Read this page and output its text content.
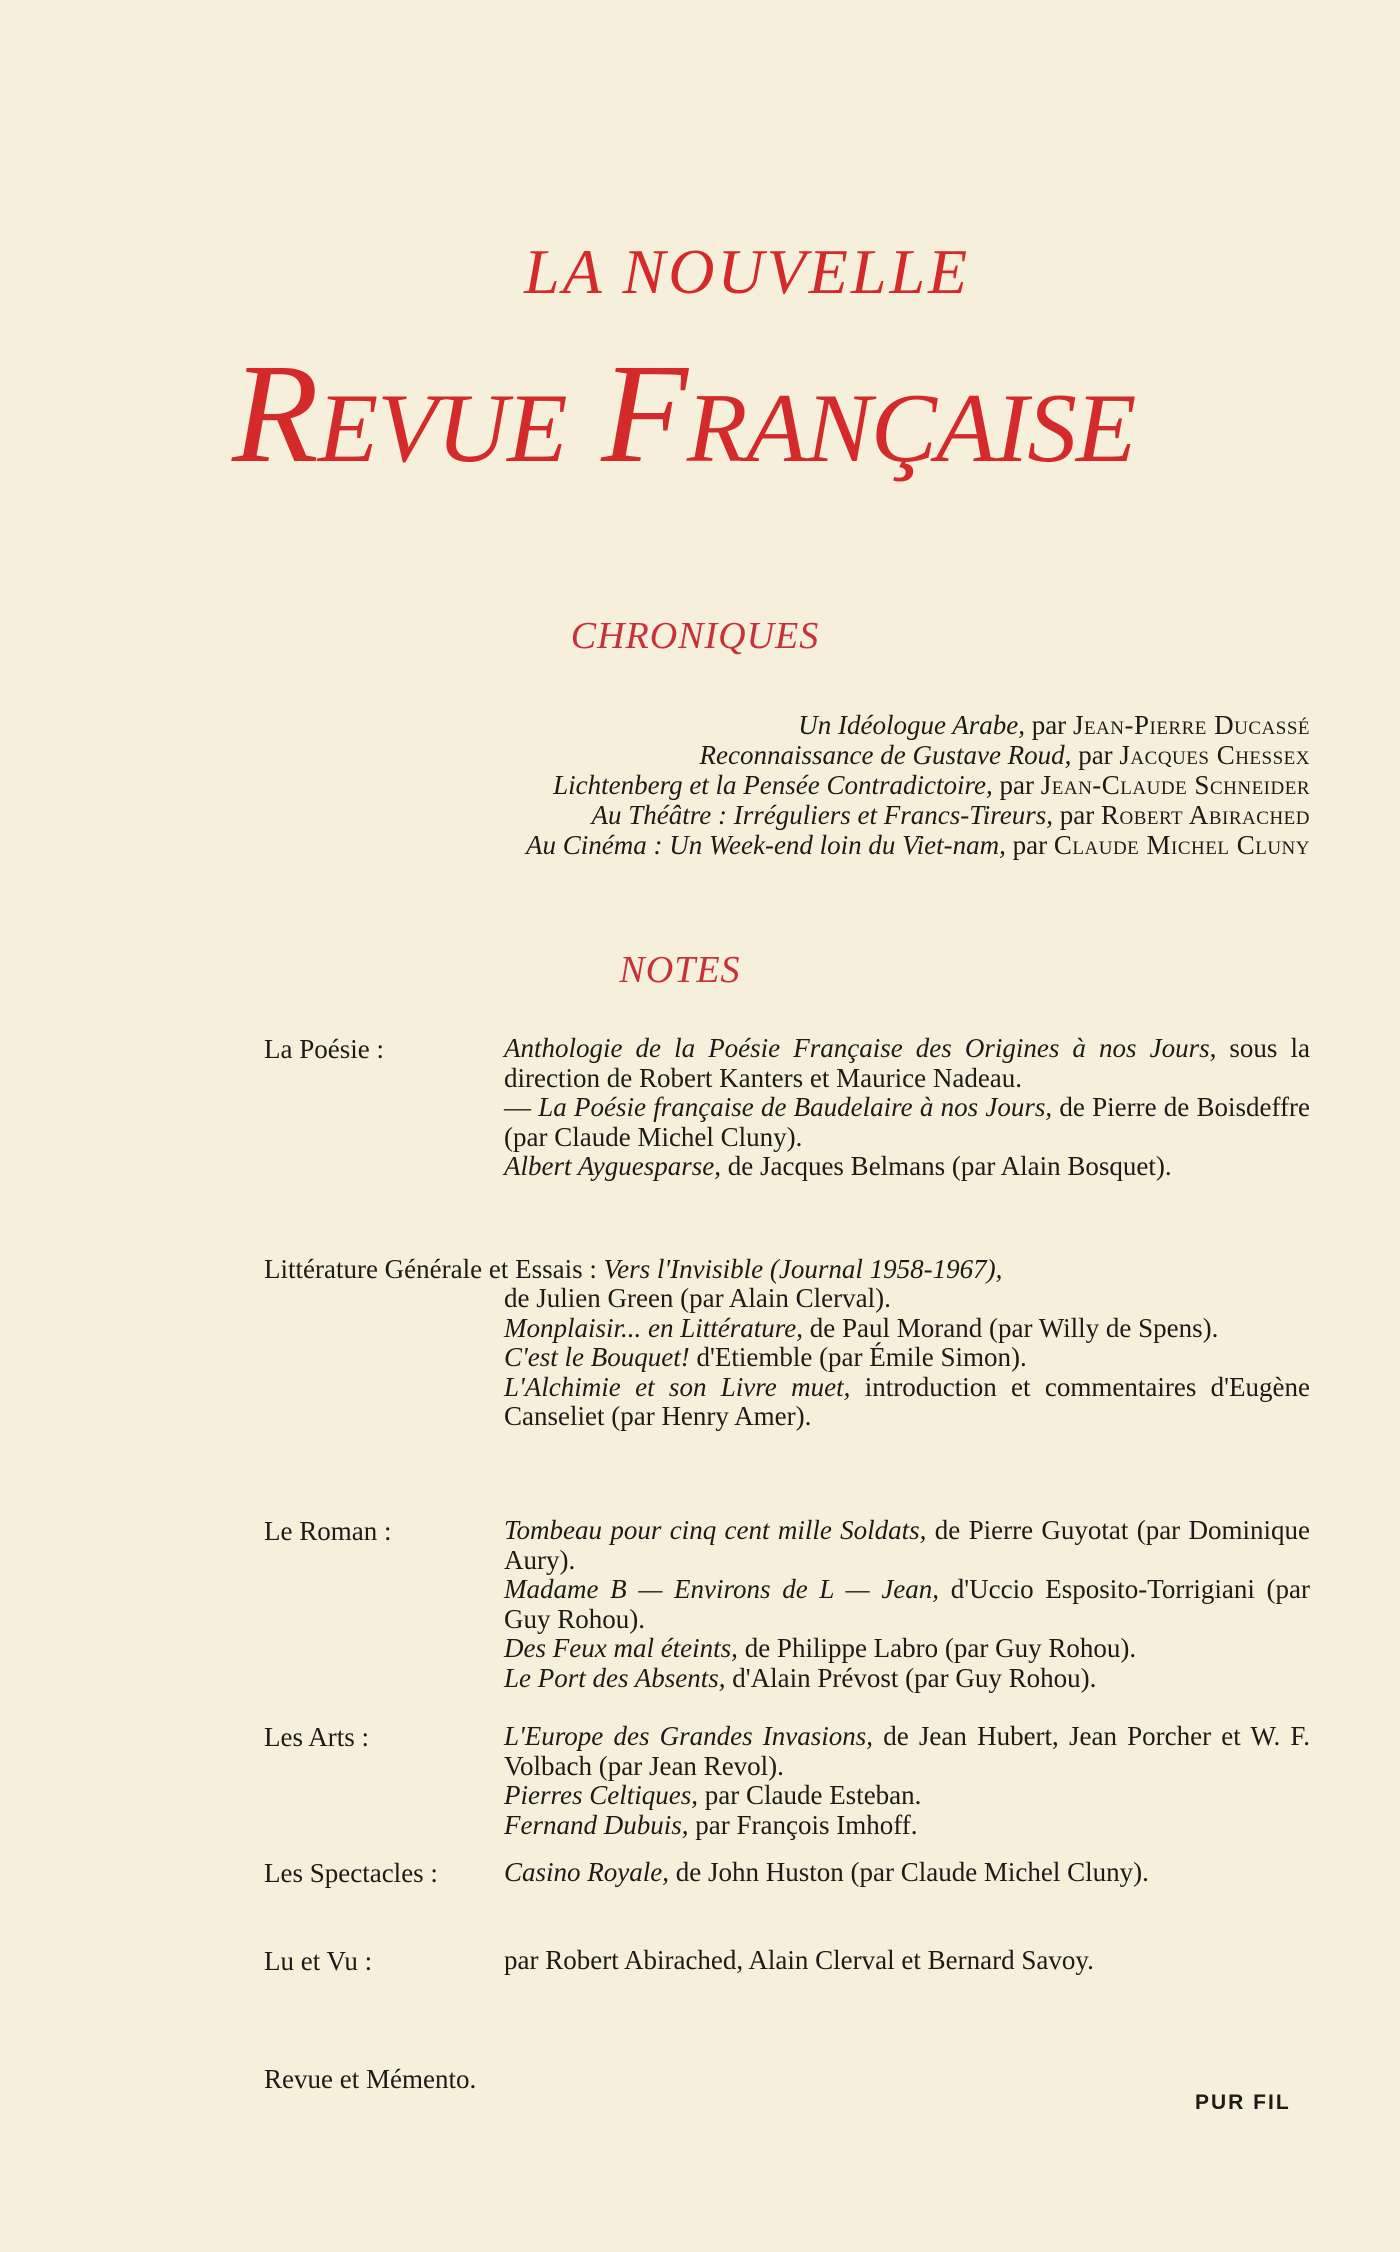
LA NOUVELLE
Revue Française
CHRONIQUES
Un Idéologue Arabe, par Jean-Pierre Ducassé
Reconnaissance de Gustave Roud, par Jacques Chessex
Lichtenberg et la Pensée Contradictoire, par Jean-Claude Schneider
Au Théâtre : Irréguliers et Francs-Tireurs, par Robert Abirached
Au Cinéma : Un Week-end loin du Viet-nam, par Claude Michel Cluny
NOTES
La Poésie :	Anthologie de la Poésie Française des Origines à nos Jours, sous la direction de Robert Kanters et Maurice Nadeau.
— La Poésie française de Baudelaire à nos Jours, de Pierre de Boisdeffre (par Claude Michel Cluny).
Albert Ayguesparse, de Jacques Belmans (par Alain Bosquet).
Littérature Générale et Essais : Vers l'Invisible (Journal 1958-1967),
de Julien Green (par Alain Clerval).
Monplaisir... en Littérature, de Paul Morand (par Willy de Spens).
C'est le Bouquet! d'Etiemble (par Émile Simon).
L'Alchimie et son Livre muet, introduction et commentaires d'Eugène Canseliet (par Henry Amer).
Le Roman :	Tombeau pour cinq cent mille Soldats, de Pierre Guyotat (par Dominique Aury).
Madame B — Environs de L — Jean, d'Uccio Esposito-Torrigiani (par Guy Rohou).
Des Feux mal éteints, de Philippe Labro (par Guy Rohou).
Le Port des Absents, d'Alain Prévost (par Guy Rohou).
Les Arts :	L'Europe des Grandes Invasions, de Jean Hubert, Jean Porcher et W. F. Volbach (par Jean Revol).
Pierres Celtiques, par Claude Esteban.
Fernand Dubuis, par François Imhoff.
Les Spectacles : Casino Royale, de John Huston (par Claude Michel Cluny).
Lu et Vu :	par Robert Abirached, Alain Clerval et Bernard Savoy.
Revue et Mémento.
PUR FIL
